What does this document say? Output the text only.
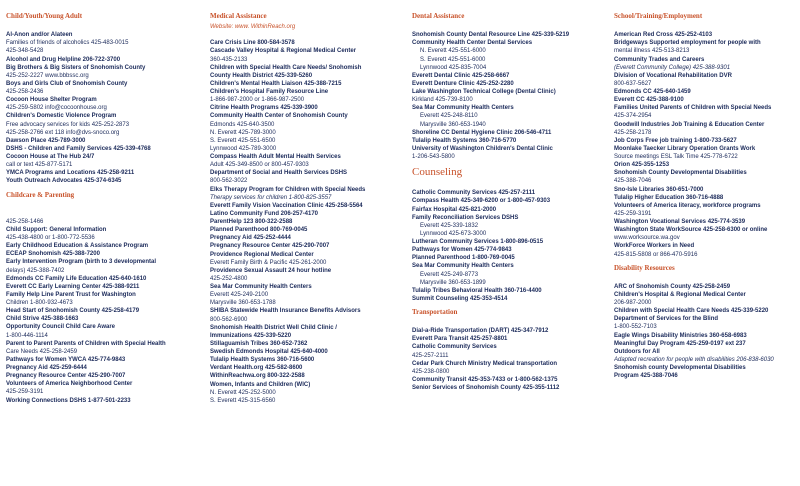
Child/Youth/Young Adult

Al-Anon and/or Alateen
Families of friends of alcoholics 425-483-0015
425-348-5428
Alcohol and Drug Helpline 206-722-3700
Big Brothers & Big Sisters of Snohomish County
425-252-2227 www.bbbssc.org
Boys and Girls Club of Snohomish County
425-258-2436
Cocoon House Shelter Program
425-259-5802 info@cocoonhouse.org
Children's Domestic Violence Program
Free advocacy services for kids 425-252-2873
425-258-2766 ext 118 info@dvs-snoco.org
Dawson Place 425-789-3000
DSHS - Children and Family Services 425-339-4768
Cocoon House at The Hub 24/7
call or text 425-877-5171
YMCA Programs and Locations 425-258-9211
Youth Outreach Advocates 425-374-6345
Childcare & Parenting

425-258-1466
Child Support: General Information
425-438-4800 or 1-800-772-5536
Early Childhood Education & Assistance Program
ECEAP Snohomish 425-388-7200
Early Intervention Program (birth to 3 developmental
delays) 425-388-7402
Edmonds CC Family Life Education 425-640-1610
Everett CC Early Learning Center 425-388-9211
Family Help Line Parent Trust for Washington
Children 1-800-932-4673
Head Start of Snohomish County 425-258-4179
Child Strive 425-388-1663
Opportunity Council Child Care Aware
1-800-446-1114
Parent to Parent Parents of Children with Special Health
Care Needs 425-258-2459
Pathways for Women YWCA 425-774-9843
Pregnancy Aid 425-259-6444
Pregnancy Resource Center 425-290-7007
Volunteers of America Neighborhood Center
425-259-3191
Working Connections DSHS 1-877-501-2233
Medical Assistance
Website: www. WithinReach.org

Care Crisis Line 800-584-3578
Cascade Valley Hospital & Regional Medical Center
360-435-2133
Children with Special Health Care Needs/ Snohomish
County Health District 425-339-5260
Children's Mental Health Liaison 425-388-7215
Children's Hospital Family Resource Line
1-866-987-2000 or 1-866-987-2500
Citrine Health Programs 425-339-3900
Community Health Center of Snohomish County
Edmonds 425-640-3500
N. Everett 425-789-3000
S. Everett 425-551-6500
Lynnwood 425-789-3000
Compass Health Adult Mental Health Services
Adult 425-349-8500 or 800-457-9303
Department of Social and Health Services DSHS
800-562-3022
Elks Therapy Program for Children with Special Needs
Therapy services for children 1-800-825-3557
Everett Family Vision Vaccination Clinic 425-258-5564
Latino Community Fund 206-257-4170
ParentHelp 123 800-322-2588
Planned Parenthood 800-769-0045
Pregnancy Aid 425-252-4444
Pregnancy Resource Center 425-290-7007
Providence Regional Medical Center
Everett Family Birth & Pacific 425-261-2000
Providence Sexual Assault 24 hour hotline
425-252-4800
Sea Mar Community Health Centers
Everett 425-249-2100
Marysville 360-653-1788
SHIBA Statewide Health Insurance Benefits Advisors
800-562-6900
Snohomish Health District Well Child Clinic /
Immunizations 425-339-5220
Stillaguamish Tribes 360-652-7362
Swedish Edmonds Hospital 425-640-4000
Tulalip Health Systems 360-716-5600
Verdant Health.org 425-582-8600
WithinReachwa.org 800-322-2588
Women, Infants and Children (WIC)
N. Everett 425-252-5000
S. Everett 425-315-6560
Dental Assistance

Snohomish County Dental Resource Line 425-339-5219
Community Health Center Dental Services
N. Everett 425-551-6000
S. Everett 425-551-6000
Lynnwood 425-835-7004
Everett Dental Clinic 425-258-6667
Everett Denture Clinic 425-252-2280
Lake Washington Technical College (Dental Clinic)
Kirkland 425-739-8100
Sea Mar Community Health Centers
Everett 425-248-8110
Marysville 360-653-1940
Shoreline CC Dental Hygiene Clinic 206-546-4711
Tulalip Health Systems 360-716-5770
University of Washington Children's Dental Clinic
1-206-543-5800
Counseling

Catholic Community Services 425-257-2111
Compass Health 425-349-6200 or 1-800-457-9303
Fairfax Hospital 425-821-2000
Family Reconciliation Services DSHS
Everett 425-339-1832
Lynnwood 425-673-3000
Lutheran Community Services 1-800-896-0515
Pathways for Women 425-774-9843
Planned Parenthood 1-800-769-0045
Sea Mar Community Health Centers
Everett 425-249-8773
Marysville 360-653-1899
Tulalip Tribes Behavioral Health 360-716-4400
Summit Counseling 425-353-4514
Transportation

Dial-a-Ride Transportation (DART) 425-347-7912
Everett Para Transit 425-257-8801
Catholic Community Services
425-257-2111
Cedar Park Church Ministry Medical transportation
425-238-0800
Community Transit 425-353-7433 or 1-800-562-1375
Senior Services of Snohomish County 425-355-1112
School/Training/Employment

American Red Cross 425-252-4103
Bridgeways Supported employment for people with
mental illness 425-513-8213
Community Trades and Careers
(Everett Community College) 425-388-9301
Division of Vocational Rehabilitation DVR
800-637-5627
Edmonds CC 425-640-1459
Everett CC 425-388-9100
Families United Parents of Children with Special Needs
425-374-2954
Goodwill Industries Job Training & Education Center
425-258-2178
Job Corps Free job training 1-800-733-5627
Moonlake Taecker Library Operation Grants Work
Source meetings ESL Talk Time 425-778-6722
Orion 425-355-1253
Snohomish County Developmental Disabilities
425-388-7046
Sno-Isle Libraries 360-651-7000
Tulalip Higher Education 360-716-4888
Volunteers of America literacy, workforce programs
425-259-3191
Washington Vocational Services 425-774-3539
Washington State WorkSource 425-258-6300 or online
www.worksource.wa.gov
WorkForce Workers in Need
425-815-5808 or 866-470-5916
Disability Resources

ARC of Snohomish County 425-258-2459
Children's Hospital & Regional Medical Center
206-987-2000
Children with Special Health Care Needs 425-339-5220
Department of Services for the Blind
1-800-552-7103
Eagle Wings Disability Ministries 360-658-6983
Meaningful Day Program 425-259-0197 ext 237
Outdoors for All
Adapted recreation for people with disabilities 206-838-6030
Snohomish county Developmental Disabilities
Program 425-388-7046
